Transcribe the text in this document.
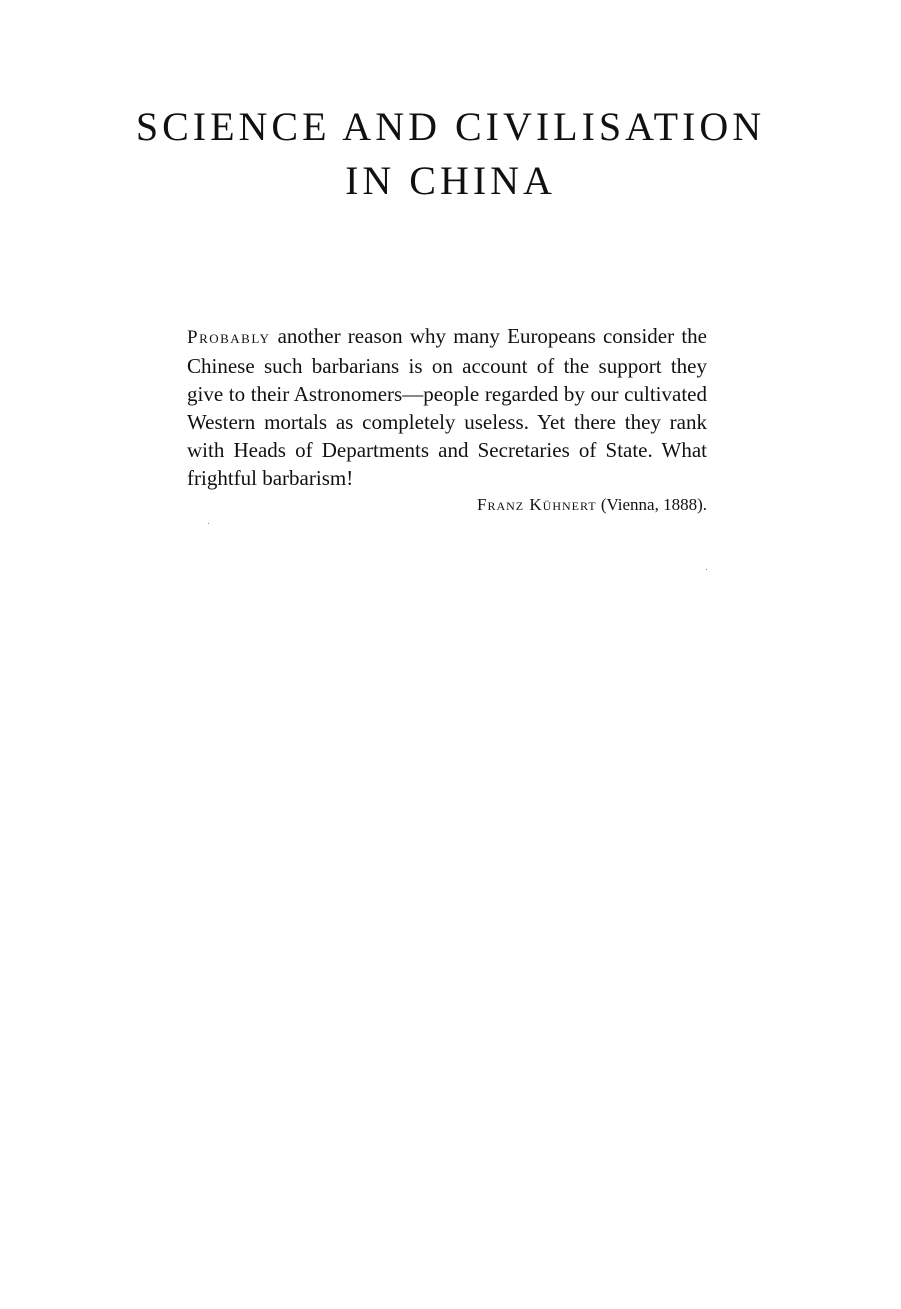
SCIENCE AND CIVILISATION
IN CHINA

Probably another reason why many Europeans consider the Chinese such barbarians is on account of the support they give to their Astronomers—people regarded by our cultivated Western mortals as completely useless. Yet there they rank with Heads of Departments and Secretaries of State. What frightful barbarism!

Franz Kühnert (Vienna, 1888).
